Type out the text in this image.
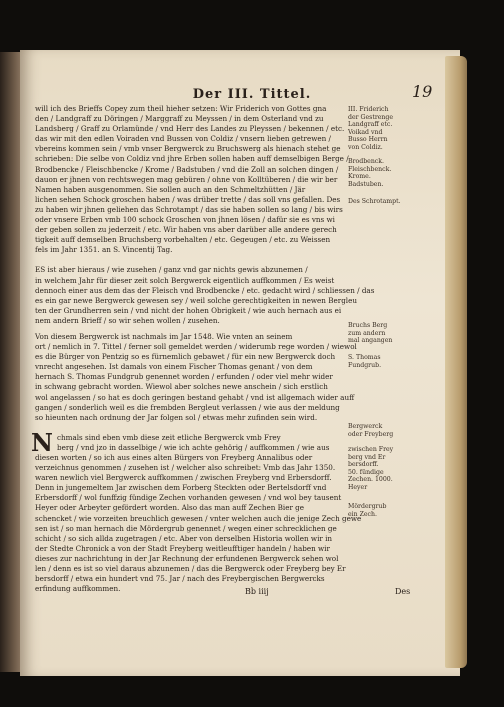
Der III. Tittel.	19

will ich des Brieffs Copey zum theil hieher setzen: Wir Friderich von Gottes gna

den / Landgraff zu Döringen / Marggraff zu Meyssen / in dem Osterland vnd zu

Landsberg / Graff zu Orlamünde / vnd Herr des Landes zu Pleyssen / bekennen / etc.

das wir mit den edlen Voiraden vnd Bussen von Coldiz / vnsern lieben getrewen /

vbereins kommen sein / vmb vnser Bergwerck zu Bruchswerg als hienach stehet ge

schrieben: Die selbe von Coldiz vnd jhre Erben sollen haben auff demselbigen Berge /

Brodbencke / Fleischbencke / Krome / Badstuben / vnd die Zoll an solchen dingen /

dauon er jhnen von rechtswegen mag gebüren / ohne von Kolltüberen / die wir ber

Namen haben ausgenommen. Sie sollen auch an den Schmeltzhütten / Jär

lichen sehen Schock groschen haben / was drüber trette / das soll vns gefallen. Des

zu haben wir jhnen geliehen das Schrotampt / das sie haben sollen so lang / bis wirs

oder vnsere Erben vmb 100 schock Groschen von jhnen lösen / dafür sie es vns wi

der geben sollen zu jederzeit / etc. Wir haben vns aber darüber alle andere gerech

tigkeit auff demselben Bruchsberg vorbehalten / etc. Gegeugen / etc. zu Weissen

fels im Jahr 1351. an S. Vincentij Tag.

ES ist aber hieraus / wie zusehen / ganz vnd gar nichts gewis abzunemen /

in welchem Jahr für dieser zeit solch Bergwerck eigentlich auffkommen / Es weist

dennoch einer aus dem das der Fleisch vnd Brodbencke / etc. gedacht wird / schliessen / das

es ein gar newe Bergwerck gewesen sey / weil solche gerechtigkeiten in newen Bergleu

ten der Grundherren sein / vnd nicht der hohen Obrigkeit / wie auch hernach aus ei

nem andern Brieff / so wir sehen wollen / zusehen.

Von diesem Bergwerck ist nachmals im Jar 1548. Wie vnten an seinem

ort / nemlich in 7. Tittel / ferner soll gemeldet werden / widerumb rege worden / wiewol

es die Bürger von Pentzig so es fürnemlich gebawet / für ein new Bergwerck doch

vnrecht angesehen. Ist damals von einem Fischer Thomas genant / von dem

hernach S. Thomas Fundgrub genennet worden / erfunden / oder viel mehr wider

in schwang gebracht worden. Wiewol aber solches newe anschein / sich erstlich

wol angelassen / so hat es doch geringen bestand gehabt / vnd ist allgemach wider auff

gangen / sonderlich weil es die frembden Bergleut verlassen / wie aus der meldung

so hieunten nach ordnung der Jar folgen sol / etwas mehr zufinden sein wird.

N chmals sind eben vmb diese zeit etliche Bergwerck vmb Frey

berg / vnd jzo in dasselbige / wie ich achte gehörig / auffkommen / wie aus

diesen worten / so ich aus eines alten Bürgers von Freyberg Annalibus oder

verzeichnus genommen / zusehen ist / welcher also schreibet: Vmb das Jahr 1350.

waren newlich viel Bergwerck auffkommen / zwischen Freyberg vnd Erbersdorff.

Denn in jungemeltem Jar zwischen dem Forberg Steckten oder Bertelsdorff vnd

Erbersdorff / wol funffzig fündige Zechen vorhanden gewesen / vnd wol bey tausent

Heyer oder Arbeyter gefördert worden. Also das man auff Zechen Bier ge

schencket / wie vorzeiten breuchlich gewesen / vnter welchen auch die jenige Zech gewe

sen ist / so man hernach die Mördergrub genennet / wegen einer schrecklichen ge

schicht / so sich allda zugetragen / etc. Aber von derselben Historia wollen wir in

der Stedte Chronick a von der Stadt Freyberg weitleufftiger handeln / haben wir

dieses zur nachrichtung in der Jar Rechnung der erfundenen Bergwerck sehen wol

len / denn es ist so viel daraus abzunemen / das die Bergwerck oder Freyberg bey Er

bersdorff / etwa ein hundert vnd 75. Jar / nach des Freybergischen Bergwercks

erfindung auffkommen.

III. Friderich
der Gestrenge
Landgraff etc.
Voikad vnd
Busso Herrn
von Coldiz.
Brodbenck.
Fleischbenck.
Krome.
Badstuben.
Des Schrotampt.
Bruchs Berg
zum andern
mal angangen
S. Thomas
Fundgrub.
Bergwerck
oder Freyberg
zwischen Frey
berg vnd Er
bersdorff.
50. fündige
Zechen. 1000.
Heyer
Mördergrub
ein Zech.
Bb iiij	Des
